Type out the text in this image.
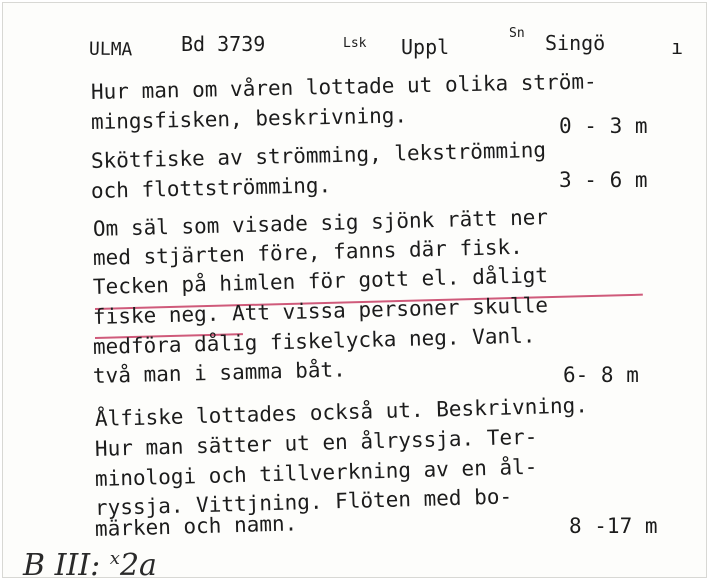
ULMA Bd 3739	Lsk Uppl
Sn Singö	ı
Hur man om våren lottade ut olika ström-
mingsfisken, beskrivning.	0 - 3 m
Skötfiske av strömming, lekströmming
och flottströmming.	3 - 6 m
Om säl som visade sig sjönk rätt ner
med stjärten före, fanns där fisk.
Tecken på himlen för gott el. dåligt
fiske neg. Att vissa personer skulle
medföra dålig fiskelycka neg. Vanl.
två man i samma båt.	6- 8 m
Ålfiske lottades också ut. Beskrivning.
Hur man sätter ut en ålryssja. Ter-
minologi och tillverkning av en ål-
ryssja. Vittjning. Flöten med bo-
märken och namn.	8 -17 m
B III: $^x$2a
